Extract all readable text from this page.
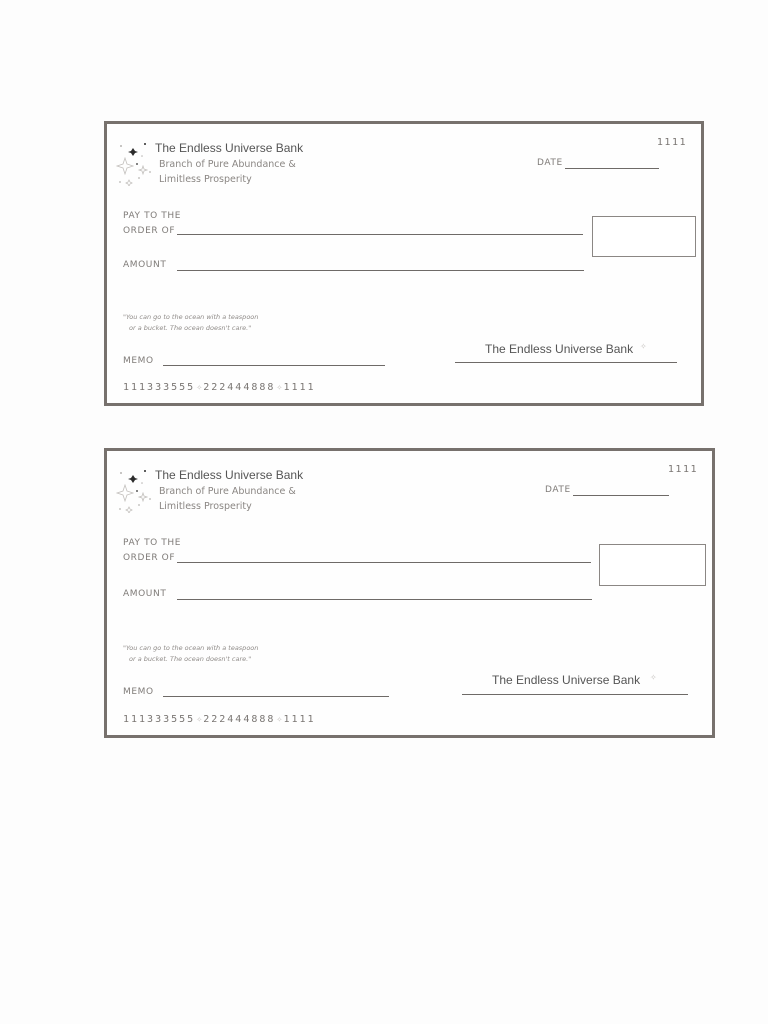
The Endless Universe Bank
Branch of Pure Abundance &
Limitless Prosperity
1111
DATE
PAY TO THE
ORDER OF
AMOUNT
"You can go to the ocean with a teaspoon
or a bucket. The ocean doesn't care."
MEMO
The Endless Universe Bank ✧
111333555✧222444888✧1111
The Endless Universe Bank
Branch of Pure Abundance &
Limitless Prosperity
1111
DATE
PAY TO THE
ORDER OF
AMOUNT
"You can go to the ocean with a teaspoon
or a bucket. The ocean doesn't care."
MEMO
The Endless Universe Bank ✧
111333555✧222444888✧1111
